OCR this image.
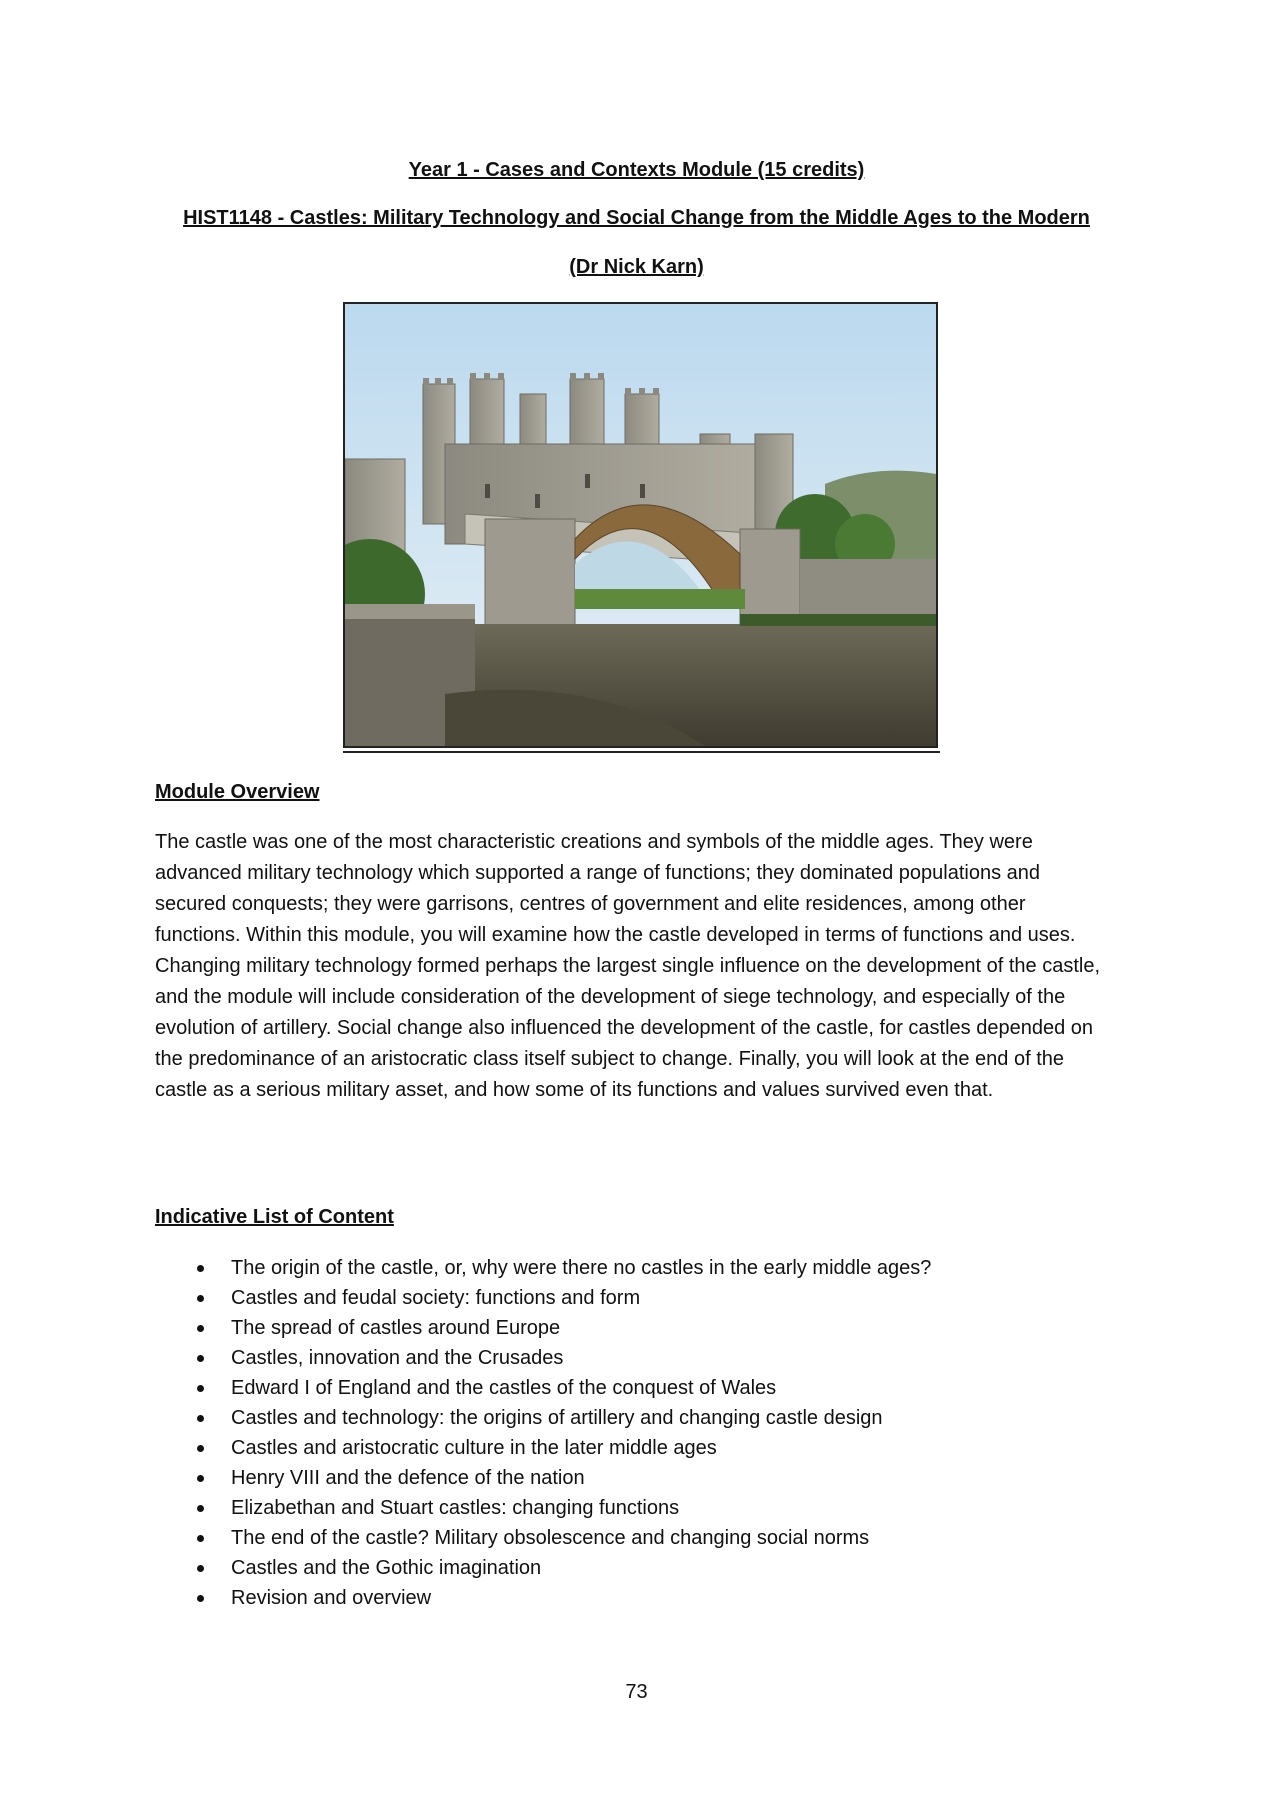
Year 1 - Cases and Contexts Module (15 credits)

HIST1148 - Castles: Military Technology and Social Change from the Middle Ages to the Modern

(Dr Nick Karn)

Module Overview

The castle was one of the most characteristic creations and symbols of the middle ages. They were advanced military technology which supported a range of functions; they dominated populations and secured conquests; they were garrisons, centres of government and elite residences, among other functions. Within this module, you will examine how the castle developed in terms of functions and uses. Changing military technology formed perhaps the largest single influence on the development of the castle, and the module will include consideration of the development of siege technology, and especially of the evolution of artillery. Social change also influenced the development of the castle, for castles depended on the predominance of an aristocratic class itself subject to change. Finally, you will look at the end of the castle as a serious military asset, and how some of its functions and values survived even that.

Indicative List of Content

The origin of the castle, or, why were there no castles in the early middle ages?
Castles and feudal society: functions and form
The spread of castles around Europe
Castles, innovation and the Crusades
Edward I of England and the castles of the conquest of Wales
Castles and technology: the origins of artillery and changing castle design
Castles and aristocratic culture in the later middle ages
Henry VIII and the defence of the nation
Elizabethan and Stuart castles: changing functions
The end of the castle? Military obsolescence and changing social norms
Castles and the Gothic imagination
Revision and overview

73
